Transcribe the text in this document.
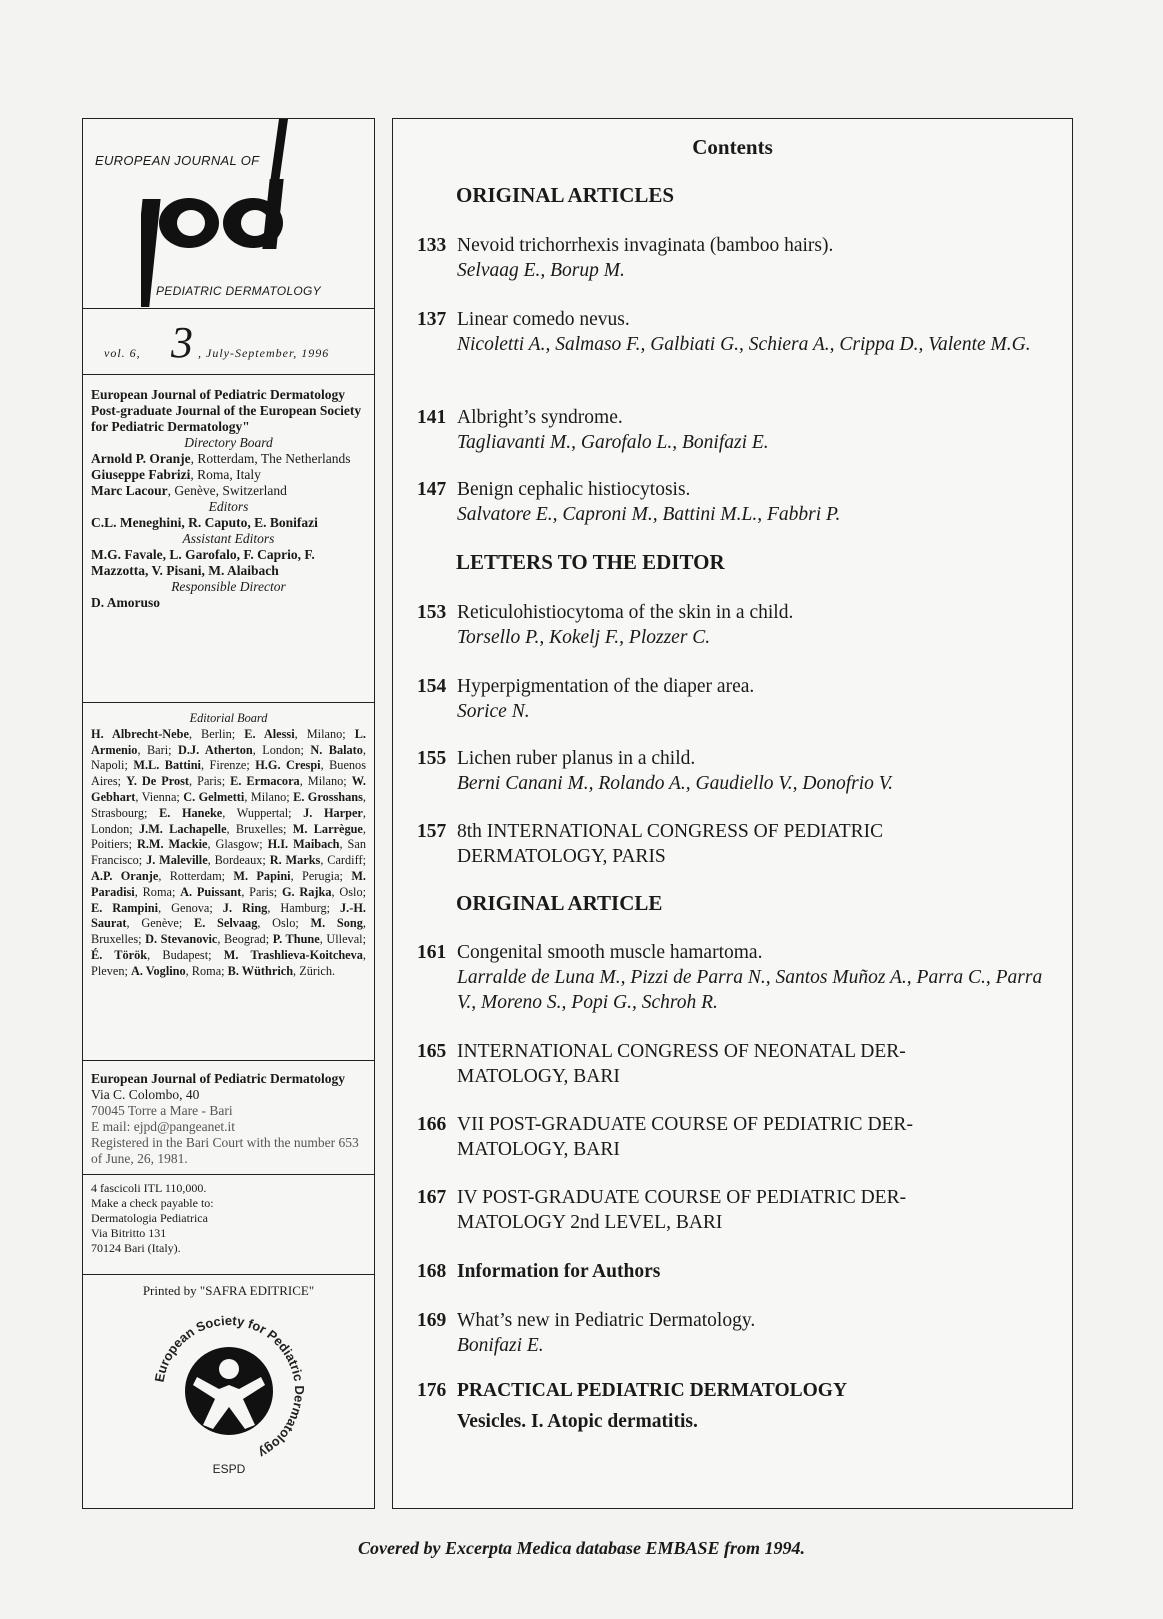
EUROPEAN JOURNAL OF
PEDIATRIC DERMATOLOGY
vol. 6, 3 , July-September, 1996
European Journal of Pediatric Dermatology
Post-graduate Journal of the European Society for Pediatric Dermatology"
Directory Board
Arnold P. Oranje, Rotterdam, The Netherlands
Giuseppe Fabrizi, Roma, Italy
Marc Lacour, Genève, Switzerland
Editors
C.L. Meneghini, R. Caputo, E. Bonifazi
Assistant Editors
M.G. Favale, L. Garofalo, F. Caprio, F. Mazzotta, V. Pisani, M. Alaibach
Responsible Director
D. Amoruso
Editorial Board
H. Albrecht-Nebe, Berlin; E. Alessi, Milano; L. Armenio, Bari; D.J. Atherton, London; N. Balato, Napoli; M.L. Battini, Firenze; H.G. Crespi, Buenos Aires; Y. De Prost, Paris; E. Ermacora, Milano; W. Gebhart, Vienna; C. Gelmetti, Milano; E. Grosshans, Strasbourg; E. Haneke, Wuppertal; J. Harper, London; J.M. Lachapelle, Bruxelles; M. Larrègue, Poitiers; R.M. Mackie, Glasgow; H.I. Maibach, San Francisco; J. Maleville, Bordeaux; R. Marks, Cardiff; A.P. Oranje, Rotterdam; M. Papini, Perugia; M. Paradisi, Roma; A. Puissant, Paris; G. Rajka, Oslo; E. Rampini, Genova; J. Ring, Hamburg; J.-H. Saurat, Genève; E. Selvaag, Oslo; M. Song, Bruxelles; D. Stevanovic, Beograd; P. Thune, Ulleval; É. Török, Budapest; M. Trashlieva-Koitcheva, Pleven; A. Voglino, Roma; B. Wüthrich, Zürich.
European Journal of Pediatric Dermatology Via C. Colombo, 40
70045 Torre a Mare - Bari
E mail: ejpd@pangeanet.it
Registered in the Bari Court with the number 653 of June, 26, 1981.
4 fascicoli ITL 110,000.
Make a check payable to:
Dermatologia Pediatrica
Via Bitritto 131
70124 Bari (Italy).
Printed by "SAFRA EDITRICE"
European Society for Pediatric Dermatology
ESPD
Contents
ORIGINAL ARTICLES
133 Nevoid trichorrhexis invaginata (bamboo hairs).
Selvaag E., Borup M.
137 Linear comedo nevus.
Nicoletti A., Salmaso F., Galbiati G., Schiera A., Crippa D., Valente M.G.
141 Albright’s syndrome.
Tagliavanti M., Garofalo L., Bonifazi E.
147 Benign cephalic histiocytosis.
Salvatore E., Caproni M., Battini M.L., Fabbri P.
LETTERS TO THE EDITOR
153 Reticulohistiocytoma of the skin in a child.
Torsello P., Kokelj F., Plozzer C.
154 Hyperpigmentation of the diaper area.
Sorice N.
155 Lichen ruber planus in a child.
Berni Canani M., Rolando A., Gaudiello V., Donofrio V.
157 8th INTERNATIONAL CONGRESS OF PEDIATRIC
DERMATOLOGY, PARIS
ORIGINAL ARTICLE
161 Congenital smooth muscle hamartoma.
Larralde de Luna M., Pizzi de Parra N., Santos Muñoz A., Parra C., Parra V., Moreno S., Popi G., Schroh R.
165 INTERNATIONAL CONGRESS OF NEONATAL DER-
MATOLOGY, BARI
166 VII POST-GRADUATE COURSE OF PEDIATRIC DER-
MATOLOGY, BARI
167 IV POST-GRADUATE COURSE OF PEDIATRIC DER-
MATOLOGY 2nd LEVEL, BARI
168 Information for Authors
169 What’s new in Pediatric Dermatology.
Bonifazi E.
176 PRACTICAL PEDIATRIC DERMATOLOGY
Vesicles. I. Atopic dermatitis.
Covered by Excerpta Medica database EMBASE from 1994.
